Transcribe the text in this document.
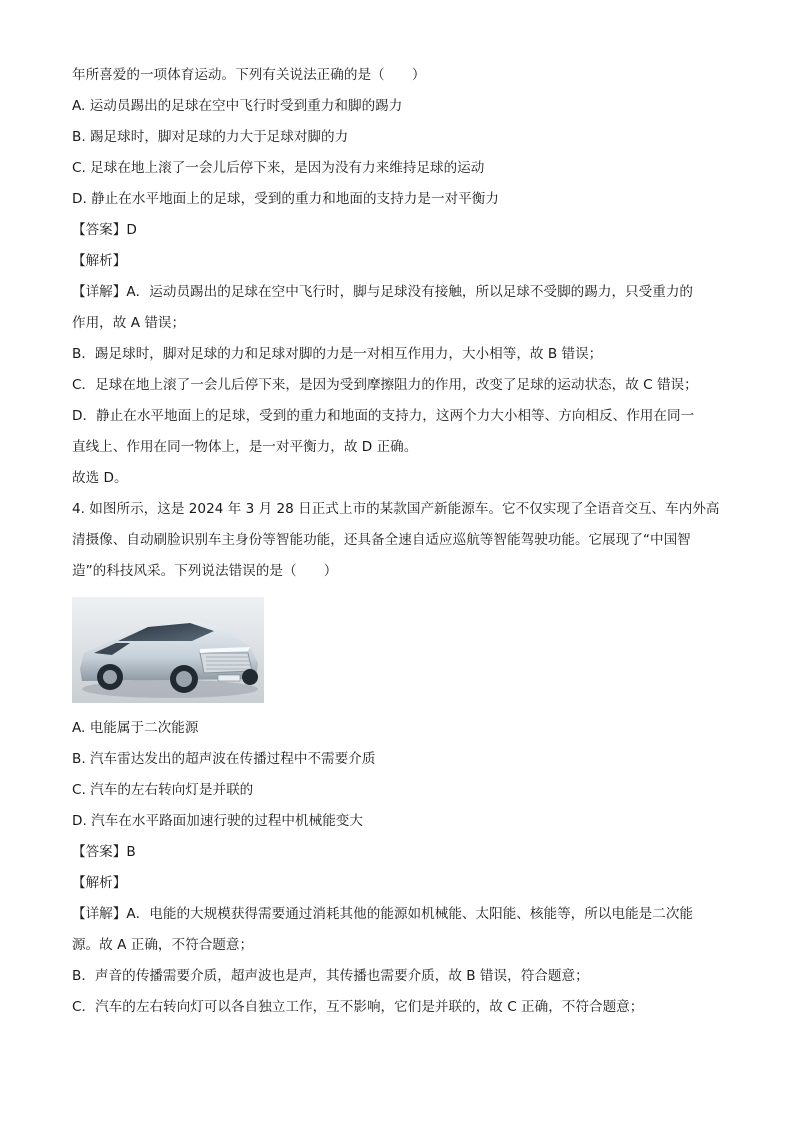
年所喜爱的一项体育运动。下列有关说法正确的是（　　）
A. 运动员踢出的足球在空中飞行时受到重力和脚的踢力
B. 踢足球时，脚对足球的力大于足球对脚的力
C. 足球在地上滚了一会儿后停下来，是因为没有力来维持足球的运动
D. 静止在水平地面上的足球，受到的重力和地面的支持力是一对平衡力
【答案】D
【解析】
【详解】A．运动员踢出的足球在空中飞行时，脚与足球没有接触，所以足球不受脚的踢力，只受重力的
作用，故 A 错误；
B．踢足球时，脚对足球的力和足球对脚的力是一对相互作用力，大小相等，故 B 错误；
C．足球在地上滚了一会儿后停下来，是因为受到摩擦阻力的作用，改变了足球的运动状态，故 C 错误；
D．静止在水平地面上的足球，受到的重力和地面的支持力，这两个力大小相等、方向相反、作用在同一
直线上、作用在同一物体上，是一对平衡力，故 D 正确。
故选 D。
4. 如图所示，这是 2024 年 3 月 28 日正式上市的某款国产新能源车。它不仅实现了全语音交互、车内外高
清摄像、自动刷脸识别车主身份等智能功能，还具备全速自适应巡航等智能驾驶功能。它展现了“中国智
造”的科技风采。下列说法错误的是（　　）
A. 电能属于二次能源
B. 汽车雷达发出的超声波在传播过程中不需要介质
C. 汽车的左右转向灯是并联的
D. 汽车在水平路面加速行驶的过程中机械能变大
【答案】B
【解析】
【详解】A．电能的大规模获得需要通过消耗其他的能源如机械能、太阳能、核能等，所以电能是二次能
源。故 A 正确，不符合题意；
B．声音的传播需要介质，超声波也是声，其传播也需要介质，故 B 错误，符合题意；
C．汽车的左右转向灯可以各自独立工作，互不影响，它们是并联的，故 C 正确，不符合题意；
